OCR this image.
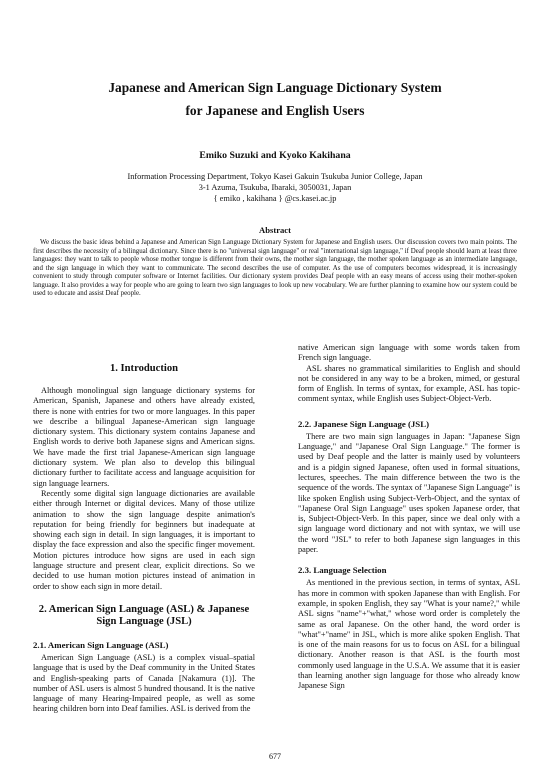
Japanese and American Sign Language Dictionary System
for Japanese and English Users
Emiko Suzuki and Kyoko Kakihana
Information Processing Department, Tokyo Kasei Gakuin Tsukuba Junior College, Japan
3-1 Azuma, Tsukuba, Ibaraki, 3050031, Japan
{ emiko , kakihana } @cs.kasei.ac.jp
Abstract

We discuss the basic ideas behind a Japanese and American Sign Language Dictionary System for Japanese and English users. Our discussion covers two main points. The first describes the necessity of a bilingual dictionary. Since there is no "universal sign language" or real "international sign language," if Deaf people should learn at least three languages: they want to talk to people whose mother tongue is different from their owns, the mother sign language, the mother spoken language as an intermediate language, and the sign language in which they want to communicate. The second describes the use of computer. As the use of computers becomes widespread, it is increasingly convenient to study through computer software or Internet facilities. Our dictionary system provides Deaf people with an easy means of access using their mother-spoken language. It also provides a way for people who are going to learn two sign languages to look up new vocabulary. We are further planning to examine how our system could be used to educate and assist Deaf people.

1. Introduction

Although monolingual sign language dictionary systems for American, Spanish, Japanese and others have already existed, there is none with entries for two or more languages. In this paper we describe a bilingual Japanese-American sign language dictionary system. This dictionary system contains Japanese and English words to derive both Japanese signs and American signs. We have made the first trial Japanese-American sign language dictionary system. We plan also to develop this bilingual dictionary further to facilitate access and language acquisition for sign language learners.

Recently some digital sign language dictionaries are available either through Internet or digital devices. Many of those utilize animation to show the sign language despite animation's reputation for being friendly for beginners but inadequate at showing each sign in detail. In sign languages, it is important to display the face expression and also the specific finger movement. Motion pictures introduce how signs are used in each sign language structure and present clear, explicit directions. So we decided to use human motion pictures instead of animation in order to show each sign in more detail.

2. American Sign Language (ASL) & Japanese Sign Language (JSL)
2.1. American Sign Language (ASL)

American Sign Language (ASL) is a complex visual–spatial language that is used by the Deaf community in the United States and English-speaking parts of Canada [Nakamura (1)]. The number of ASL users is almost 5 hundred thousand. It is the native language of many Hearing-Impaired people, as well as some hearing children born into Deaf families. ASL is derived from the

native American sign language with some words taken from French sign language.

ASL shares no grammatical similarities to English and should not be considered in any way to be a broken, mimed, or gestural form of English. In terms of syntax, for example, ASL has topic-comment syntax, while English uses Subject-Object-Verb.

2.2. Japanese Sign Language (JSL)

There are two main sign languages in Japan: "Japanese Sign Language," and "Japanese Oral Sign Language." The former is used by Deaf people and the latter is mainly used by volunteers and is a pidgin signed Japanese, often used in formal situations, lectures, speeches. The main difference between the two is the sequence of the words. The syntax of "Japanese Sign Language" is like spoken English using Subject-Verb-Object, and the syntax of "Japanese Oral Sign Language" uses spoken Japanese order, that is, Subject-Object-Verb. In this paper, since we deal only with a sign language word dictionary and not with syntax, we will use the word "JSL" to refer to both Japanese sign languages in this paper.

2.3. Language Selection

As mentioned in the previous section, in terms of syntax, ASL has more in common with spoken Japanese than with English. For example, in spoken English, they say "What is your name?," while ASL signs "name"+"what," whose word order is completely the same as oral Japanese. On the other hand, the word order is "what"+"name" in JSL, which is more alike spoken English. That is one of the main reasons for us to focus on ASL for a bilingual dictionary. Another reason is that ASL is the fourth most commonly used language in the U.S.A. We assume that it is easier than learning another sign language for those who already know Japanese Sign

677
